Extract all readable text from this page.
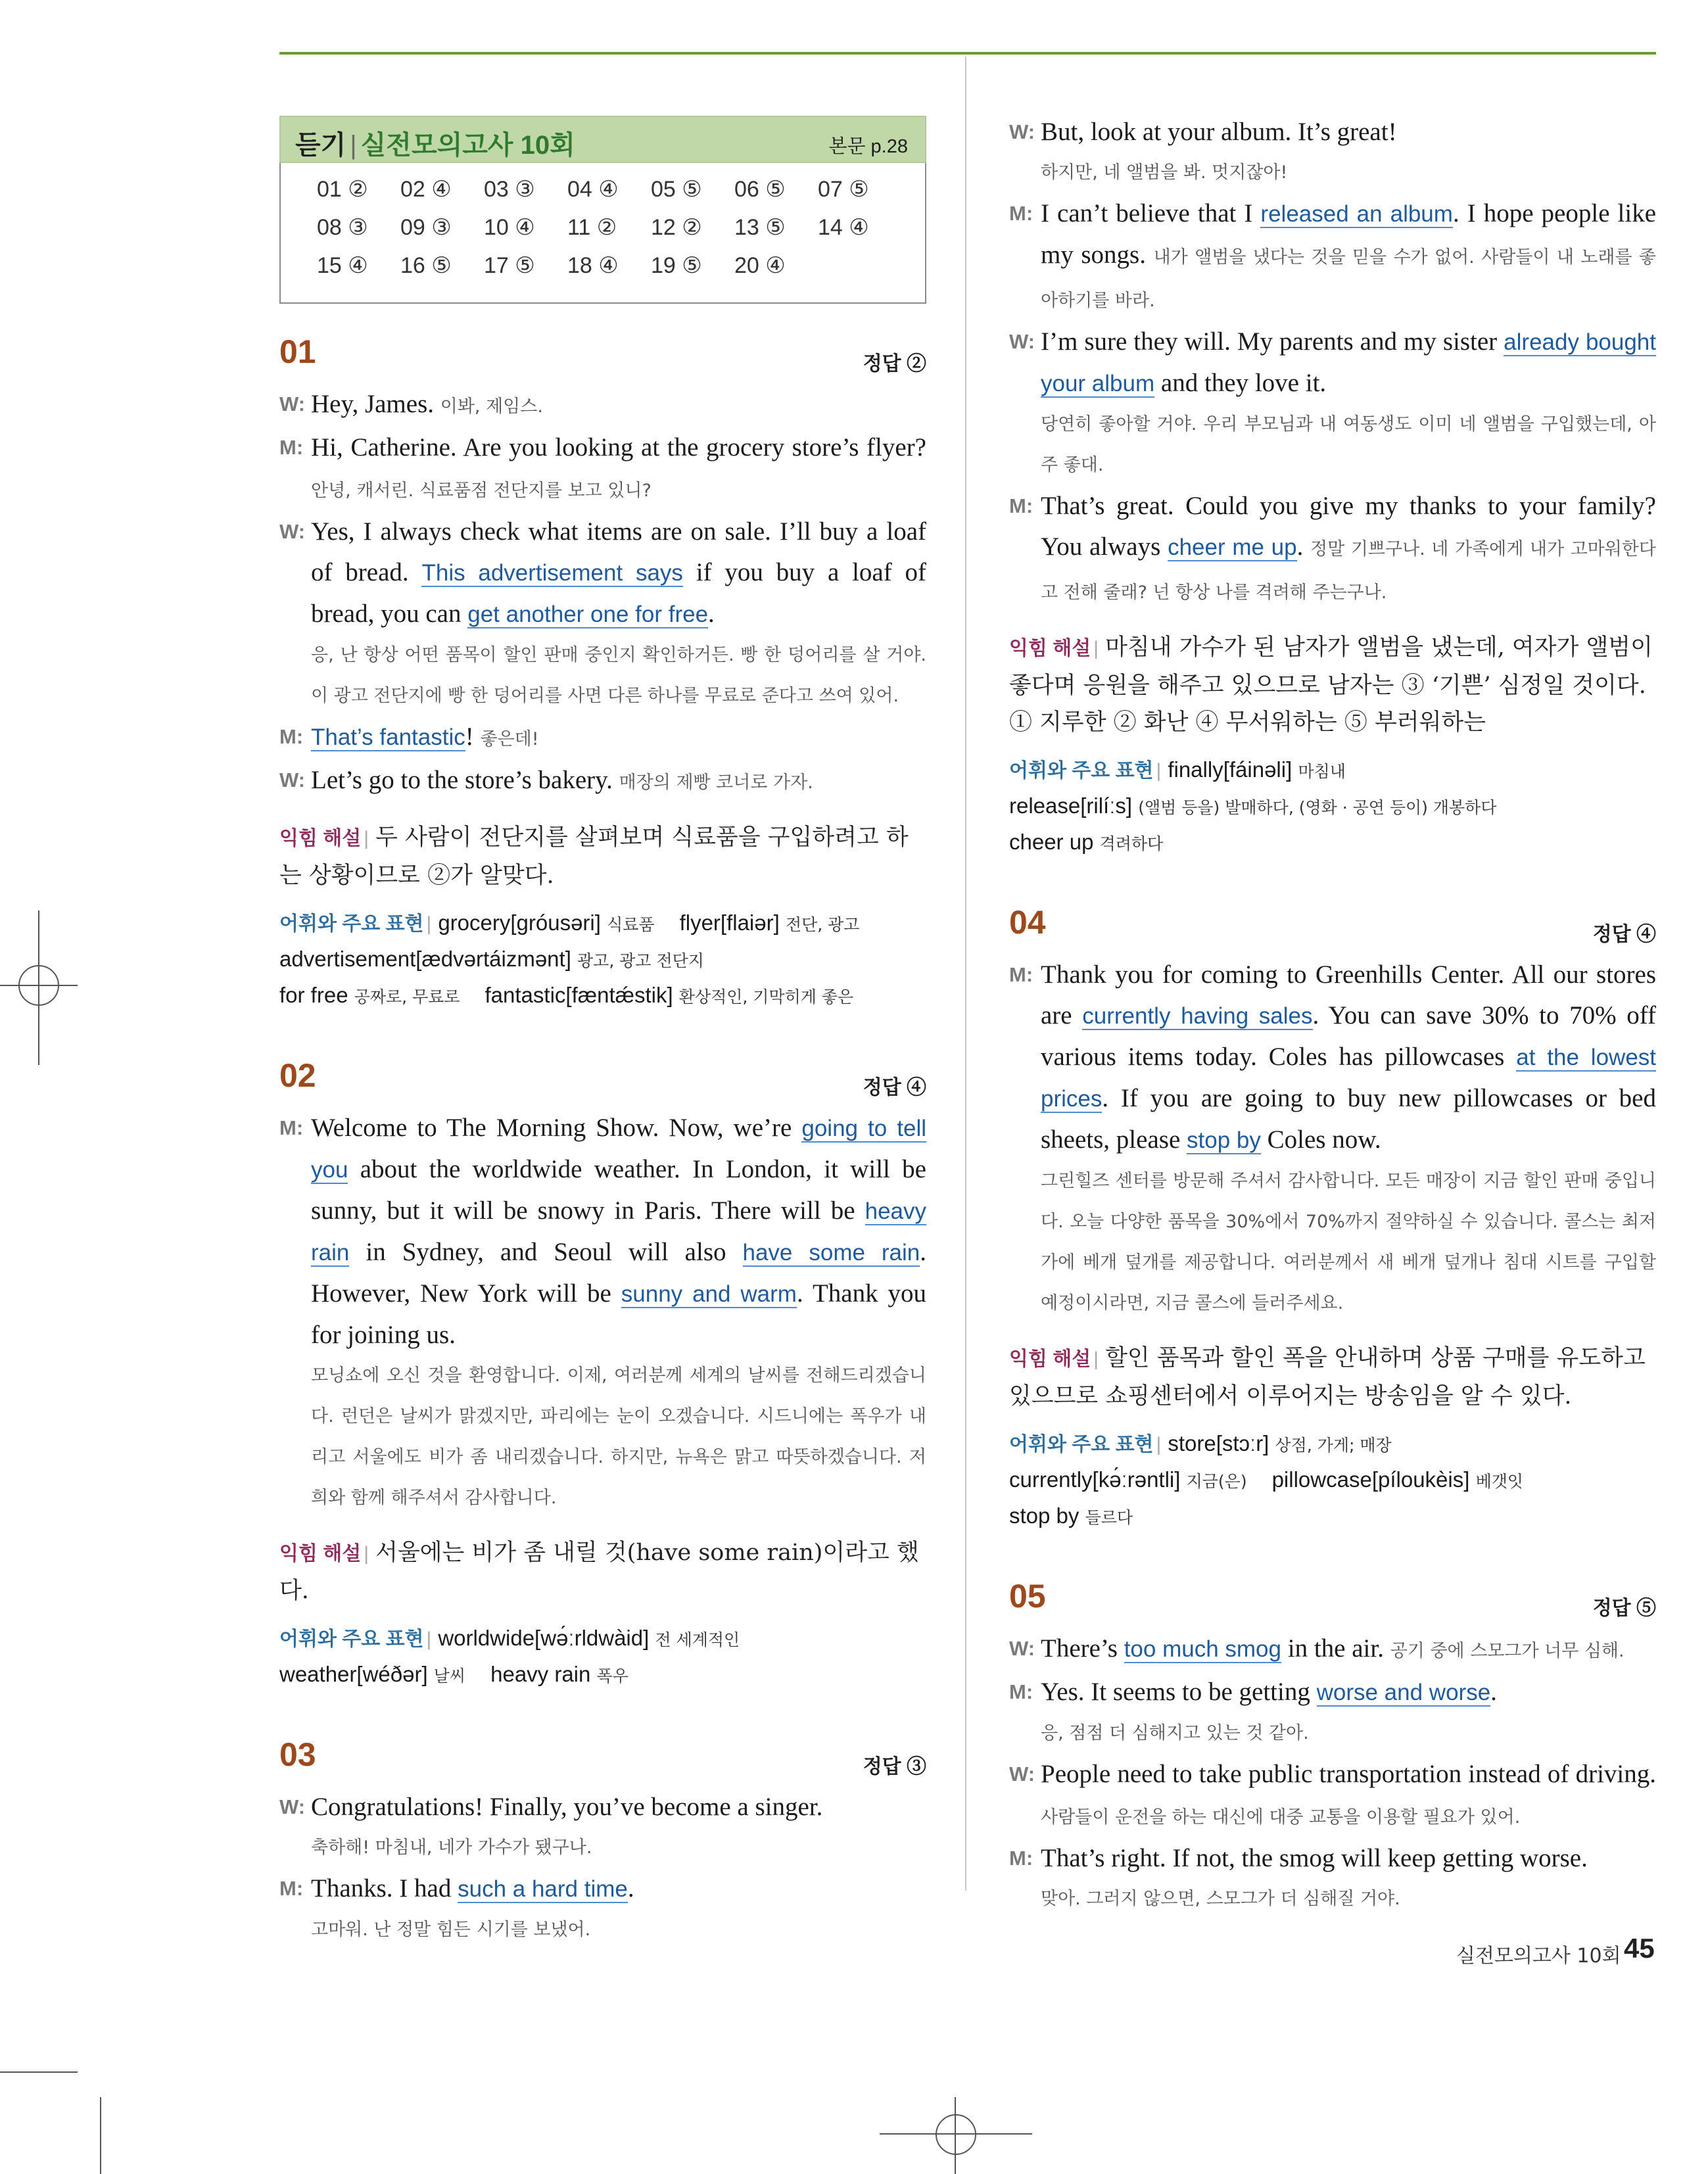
듣기 | 실전모의고사 10회	본문 p.28
01 ② 02 ④ 03 ③ 04 ④ 05 ⑤ 06 ⑤ 07 ⑤
08 ③ 09 ③ 10 ④ 11 ② 12 ② 13 ⑤ 14 ④
15 ④ 16 ⑤ 17 ⑤ 18 ④ 19 ⑤ 20 ④
01	정답 ②
W: Hey, James. 이봐, 제임스.
M: Hi, Catherine. Are you looking at the grocery store’s flyer? 안녕, 캐서린. 식료품점 전단지를 보고 있니?
W: Yes, I always check what items are on sale. I’ll buy a loaf of bread. This advertisement says if you buy a loaf of bread, you can get another one for free.
응, 난 항상 어떤 품목이 할인 판매 중인지 확인하거든. 빵 한 덩어리를 살 거야. 이 광고 전단지에 빵 한 덩어리를 사면 다른 하나를 무료로 준다고 쓰여 있어.
M: That’s fantastic! 좋은데!
W: Let’s go to the store’s bakery. 매장의 제빵 코너로 가자.
익힘 해설 | 두 사람이 전단지를 살펴보며 식료품을 구입하려고 하는 상황이므로 ②가 알맞다.
어휘와 주요 표현 | grocery[gróusəri] 식료품 flyer[flaiər] 전단, 광고
advertisement[ædvərtáizmənt] 광고, 광고 전단지
for free 공짜로, 무료로 fantastic[fæntǽstik] 환상적인, 기막히게 좋은
02	정답 ④
M: Welcome to The Morning Show. Now, we’re going to tell you about the worldwide weather. In London, it will be sunny, but it will be snowy in Paris. There will be heavy rain in Sydney, and Seoul will also have some rain. However, New York will be sunny and warm. Thank you for joining us.
모닝쇼에 오신 것을 환영합니다. 이제, 여러분께 세계의 날씨를 전해드리겠습니다. 런던은 날씨가 맑겠지만, 파리에는 눈이 오겠습니다. 시드니에는 폭우가 내리고 서울에도 비가 좀 내리겠습니다. 하지만, 뉴욕은 맑고 따뜻하겠습니다. 저희와 함께 해주셔서 감사합니다.
익힘 해설 | 서울에는 비가 좀 내릴 것(have some rain)이라고 했다.
어휘와 주요 표현 | worldwide[wə́ːrldwàid] 전 세계적인
weather[wéðər] 날씨 heavy rain 폭우
03	정답 ③
W: Congratulations! Finally, you’ve become a singer.
축하해! 마침내, 네가 가수가 됐구나.
M: Thanks. I had such a hard time.
고마워. 난 정말 힘든 시기를 보냈어.
W: But, look at your album. It’s great!
하지만, 네 앨범을 봐. 멋지잖아!
M: I can’t believe that I released an album. I hope people like my songs. 내가 앨범을 냈다는 것을 믿을 수가 없어. 사람들이 내 노래를 좋아하기를 바라.
W: I’m sure they will. My parents and my sister already bought your album and they love it.
당연히 좋아할 거야. 우리 부모님과 내 여동생도 이미 네 앨범을 구입했는데, 아주 좋대.
M: That’s great. Could you give my thanks to your family? You always cheer me up. 정말 기쁘구나. 네 가족에게 내가 고마워한다고 전해 줄래? 넌 항상 나를 격려해 주는구나.
익힘 해설 | 마침내 가수가 된 남자가 앨범을 냈는데, 여자가 앨범이 좋다며 응원을 해주고 있으므로 남자는 ③ ‘기쁜’ 심정일 것이다.
① 지루한 ② 화난 ④ 무서워하는 ⑤ 부러워하는
어휘와 주요 표현 | finally[fáinəli] 마침내
release[rilíːs] (앨범 등을) 발매하다, (영화 · 공연 등이) 개봉하다
cheer up 격려하다
04	정답 ④
M: Thank you for coming to Greenhills Center. All our stores are currently having sales. You can save 30% to 70% off various items today. Coles has pillowcases at the lowest prices. If you are going to buy new pillowcases or bed sheets, please stop by Coles now.
그린힐즈 센터를 방문해 주셔서 감사합니다. 모든 매장이 지금 할인 판매 중입니다. 오늘 다양한 품목을 30%에서 70%까지 절약하실 수 있습니다. 콜스는 최저가에 베개 덮개를 제공합니다. 여러분께서 새 베개 덮개나 침대 시트를 구입할 예정이시라면, 지금 콜스에 들러주세요.
익힘 해설 | 할인 품목과 할인 폭을 안내하며 상품 구매를 유도하고 있으므로 쇼핑센터에서 이루어지는 방송임을 알 수 있다.
어휘와 주요 표현 | store[stɔːr] 상점, 가게; 매장
currently[kə́ːrəntli] 지금(은) pillowcase[píloukèis] 베갯잇
stop by 들르다
05	정답 ⑤
W: There’s too much smog in the air. 공기 중에 스모그가 너무 심해.
M: Yes. It seems to be getting worse and worse.
응, 점점 더 심해지고 있는 것 같아.
W: People need to take public transportation instead of driving. 사람들이 운전을 하는 대신에 대중 교통을 이용할 필요가 있어.
M: That’s right. If not, the smog will keep getting worse.
맞아. 그러지 않으면, 스모그가 더 심해질 거야.
실전모의고사 10회 45
